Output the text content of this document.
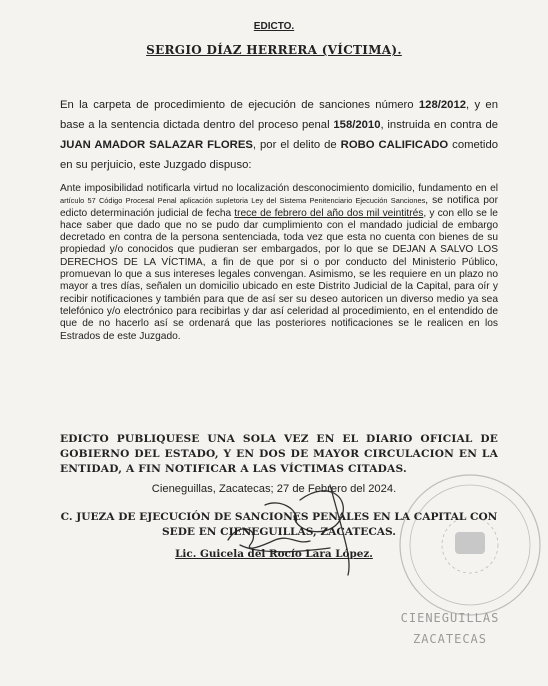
EDICTO.

SERGIO DÍAZ HERRERA (VÍCTIMA).

En la carpeta de procedimiento de ejecución de sanciones número 128/2012, y en base a la sentencia dictada dentro del proceso penal 158/2010, instruida en contra de JUAN AMADOR SALAZAR FLORES, por el delito de ROBO CALIFICADO cometido en su perjuicio, este Juzgado dispuso:

Ante imposibilidad notificarla virtud no localización desconocimiento domicilio, fundamento en el artículo 57 Código Procesal Penal aplicación supletoria Ley del Sistema Penitenciario Ejecución Sanciones, se notifica por edicto determinación judicial de fecha trece de febrero del año dos mil veintitrés, y con ello se le hace saber que dado que no se pudo dar cumplimiento con el mandado judicial de embargo decretado en contra de la persona sentenciada, toda vez que esta no cuenta con bienes de su propiedad y/o conocidos que pudieran ser embargados, por lo que se DEJAN A SALVO LOS DERECHOS DE LA VÍCTIMA, a fin de que por si o por conducto del Ministerio Público, promuevan lo que a sus intereses legales convengan. Asimismo, se les requiere en un plazo no mayor a tres días, señalen un domicilio ubicado en este Distrito Judicial de la Capital, para oír y recibir notificaciones y también para que de así ser su deseo autoricen un diverso medio ya sea telefónico y/o electrónico para recibirlas y dar así celeridad al procedimiento, en el entendido de que de no hacerlo así se ordenará que las posteriores notificaciones se le realicen en los Estrados de este Juzgado.

EDICTO PUBLIQUESE UNA SOLA VEZ EN EL DIARIO OFICIAL DE GOBIERNO DEL ESTADO, Y EN DOS DE MAYOR CIRCULACION EN LA ENTIDAD, A FIN NOTIFICAR A LAS VÍCTIMAS CITADAS.

Cieneguillas, Zacatecas; 27 de Febrero del 2024.

C. JUEZA DE EJECUCIÓN DE SANCIONES PENALES EN LA CAPITAL CON
SEDE EN CIENEGUILLAS, ZACATECAS.

Lic. Guicela del Rocío Lara López.

CIENEGUILLAS

ZACATECAS
